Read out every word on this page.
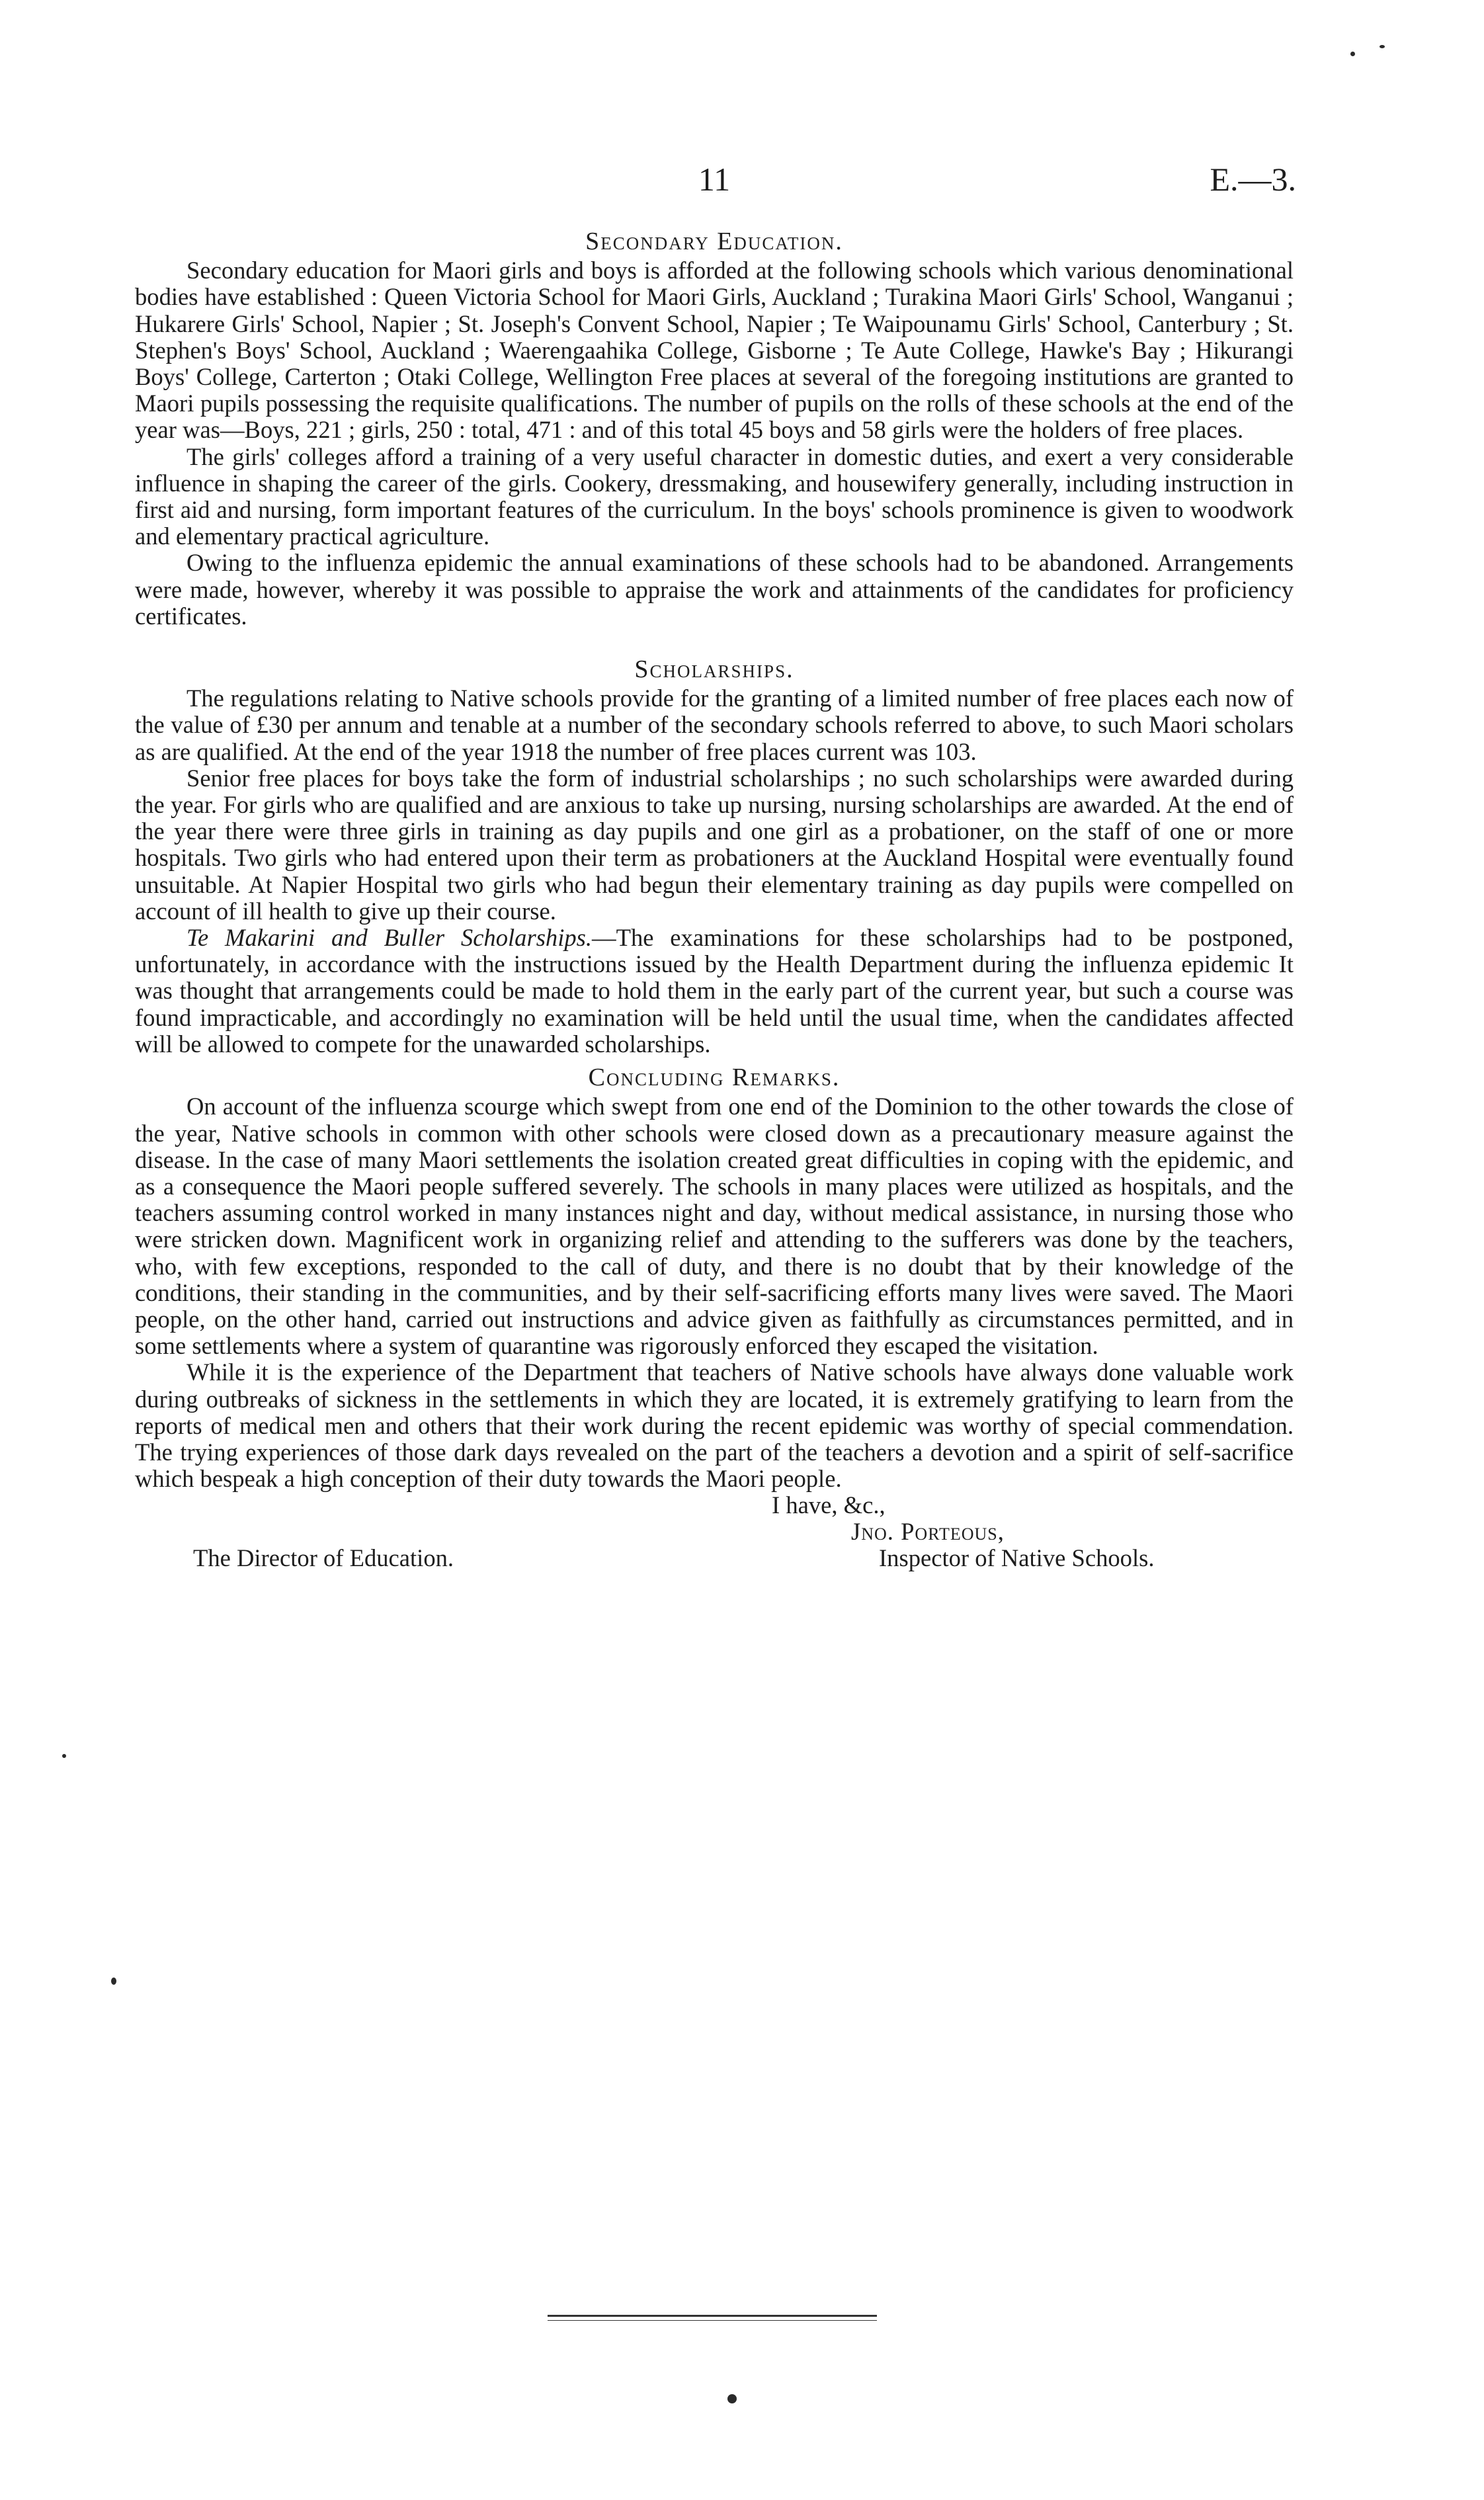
11	E.—3.
Secondary Education.

Secondary education for Maori girls and boys is afforded at the following schools which various denominational bodies have established : Queen Victoria School for Maori Girls, Auckland ; Turakina Maori Girls' School, Wanganui ; Hukarere Girls' School, Napier ; St. Joseph's Convent School, Napier ; Te Waipounamu Girls' School, Canterbury ; St. Stephen's Boys' School, Auckland ; Waerengaahika College, Gisborne ; Te Aute College, Hawke's Bay ; Hikurangi Boys' College, Carterton ; Otaki College, Wellington Free places at several of the foregoing institutions are granted to Maori pupils possessing the requisite qualifications. The number of pupils on the rolls of these schools at the end of the year was—Boys, 221 ; girls, 250 : total, 471 : and of this total 45 boys and 58 girls were the holders of free places.

The girls' colleges afford a training of a very useful character in domestic duties, and exert a very considerable influence in shaping the career of the girls. Cookery, dressmaking, and housewifery generally, including instruction in first aid and nursing, form important features of the curriculum. In the boys' schools prominence is given to woodwork and elementary practical agriculture.

Owing to the influenza epidemic the annual examinations of these schools had to be abandoned. Arrangements were made, however, whereby it was possible to appraise the work and attainments of the candidates for proficiency certificates.

Scholarships.

The regulations relating to Native schools provide for the granting of a limited number of free places each now of the value of £30 per annum and tenable at a number of the secondary schools referred to above, to such Maori scholars as are qualified. At the end of the year 1918 the number of free places current was 103.

Senior free places for boys take the form of industrial scholarships ; no such scholarships were awarded during the year. For girls who are qualified and are anxious to take up nursing, nursing scholarships are awarded. At the end of the year there were three girls in training as day pupils and one girl as a probationer, on the staff of one or more hospitals. Two girls who had entered upon their term as probationers at the Auckland Hospital were eventually found unsuitable. At Napier Hospital two girls who had begun their elementary training as day pupils were compelled on account of ill health to give up their course.

Te Makarini and Buller Scholarships.—The examinations for these scholarships had to be postponed, unfortunately, in accordance with the instructions issued by the Health Department during the influenza epidemic It was thought that arrangements could be made to hold them in the early part of the current year, but such a course was found impracticable, and accordingly no examination will be held until the usual time, when the candidates affected will be allowed to compete for the unawarded scholarships.

Concluding Remarks.

On account of the influenza scourge which swept from one end of the Dominion to the other towards the close of the year, Native schools in common with other schools were closed down as a precautionary measure against the disease. In the case of many Maori settlements the isolation created great difficulties in coping with the epidemic, and as a consequence the Maori people suffered severely. The schools in many places were utilized as hospitals, and the teachers assuming control worked in many instances night and day, without medical assistance, in nursing those who were stricken down. Magnificent work in organizing relief and attending to the sufferers was done by the teachers, who, with few exceptions, responded to the call of duty, and there is no doubt that by their knowledge of the conditions, their standing in the communities, and by their self-sacrificing efforts many lives were saved. The Maori people, on the other hand, carried out instructions and advice given as faithfully as circumstances permitted, and in some settlements where a system of quarantine was rigorously enforced they escaped the visitation.

While it is the experience of the Department that teachers of Native schools have always done valuable work during outbreaks of sickness in the settlements in which they are located, it is extremely gratifying to learn from the reports of medical men and others that their work during the recent epidemic was worthy of special commendation. The trying experiences of those dark days revealed on the part of the teachers a devotion and a spirit of self-sacrifice which bespeak a high conception of their duty towards the Maori people.

I have, &c.,
Jno. Porteous,
The Director of Education.	Inspector of Native Schools.
